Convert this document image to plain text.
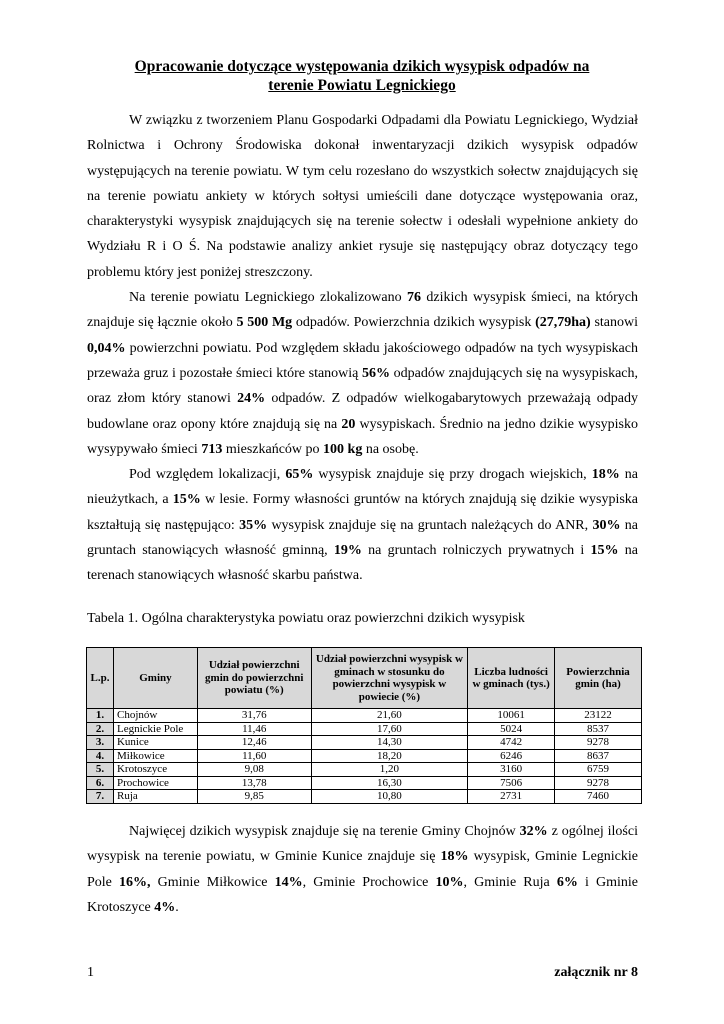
Opracowanie dotyczące występowania dzikich wysypisk odpadów na
terenie Powiatu Legnickiego

W związku z tworzeniem Planu Gospodarki Odpadami dla Powiatu Legnickiego, Wydział Rolnictwa i Ochrony Środowiska dokonał inwentaryzacji dzikich wysypisk odpadów występujących na terenie powiatu. W tym celu rozesłano do wszystkich sołectw znajdujących się na terenie powiatu ankiety w których sołtysi umieścili dane dotyczące występowania oraz, charakterystyki wysypisk znajdujących się na terenie sołectw i odesłali wypełnione ankiety do Wydziału R i O Ś. Na podstawie analizy ankiet rysuje się następujący obraz dotyczący tego problemu który jest poniżej streszczony.

Na terenie powiatu Legnickiego zlokalizowano 76 dzikich wysypisk śmieci, na których znajduje się łącznie około 5 500 Mg odpadów. Powierzchnia dzikich wysypisk (27,79ha) stanowi 0,04% powierzchni powiatu. Pod względem składu jakościowego odpadów na tych wysypiskach przeważa gruz i pozostałe śmieci które stanowią 56% odpadów znajdujących się na wysypiskach, oraz złom który stanowi 24% odpadów. Z odpadów wielkogabarytowych przeważają odpady budowlane oraz opony które znajdują się na 20 wysypiskach. Średnio na jedno dzikie wysypisko wysypywało śmieci 713 mieszkańców po 100 kg na osobę.

Pod względem lokalizacji, 65% wysypisk znajduje się przy drogach wiejskich, 18% na nieużytkach, a 15% w lesie. Formy własności gruntów na których znajdują się dzikie wysypiska kształtują się następująco: 35% wysypisk znajduje się na gruntach należących do ANR, 30% na gruntach stanowiących własność gminną, 19% na gruntach rolniczych prywatnych i 15% na terenach stanowiących własność skarbu państwa.

Tabela 1. Ogólna charakterystyka powiatu oraz powierzchni dzikich wysypisk
L.p.	Gminy	Udział powierzchni gmin do powierzchni powiatu (%)	Udział powierzchni wysypisk w gminach w stosunku do powierzchni wysypisk w powiecie (%)	Liczba ludności w gminach (tys.)	Powierzchnia gmin (ha)
1.	Chojnów	31,76	21,60	10061	23122
2.	Legnickie Pole	11,46	17,60	5024	8537
3.	Kunice	12,46	14,30	4742	9278
4.	Miłkowice	11,60	18,20	6246	8637
5.	Krotoszyce	9,08	1,20	3160	6759
6.	Prochowice	13,78	16,30	7506	9278
7.	Ruja	9,85	10,80	2731	7460

Najwięcej dzikich wysypisk znajduje się na terenie Gminy Chojnów 32% z ogólnej ilości wysypisk na terenie powiatu, w Gminie Kunice znajduje się 18% wysypisk, Gminie Legnickie Pole 16%, Gminie Miłkowice 14%, Gminie Prochowice 10%, Gminie Ruja 6% i Gminie Krotoszyce 4%.

1	załącznik nr 8
